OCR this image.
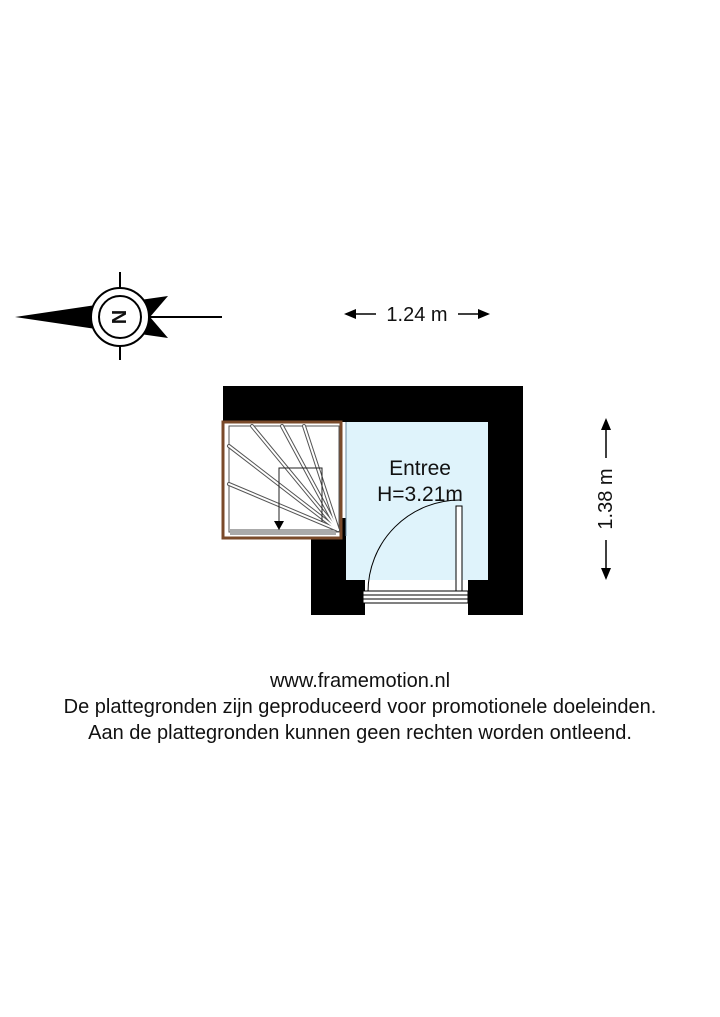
N	1.24 m
1.38 m
Entree
H=3.21m
www.framemotion.nl
De plattegronden zijn geproduceerd voor promotionele doeleinden.
Aan de plattegronden kunnen geen rechten worden ontleend.
